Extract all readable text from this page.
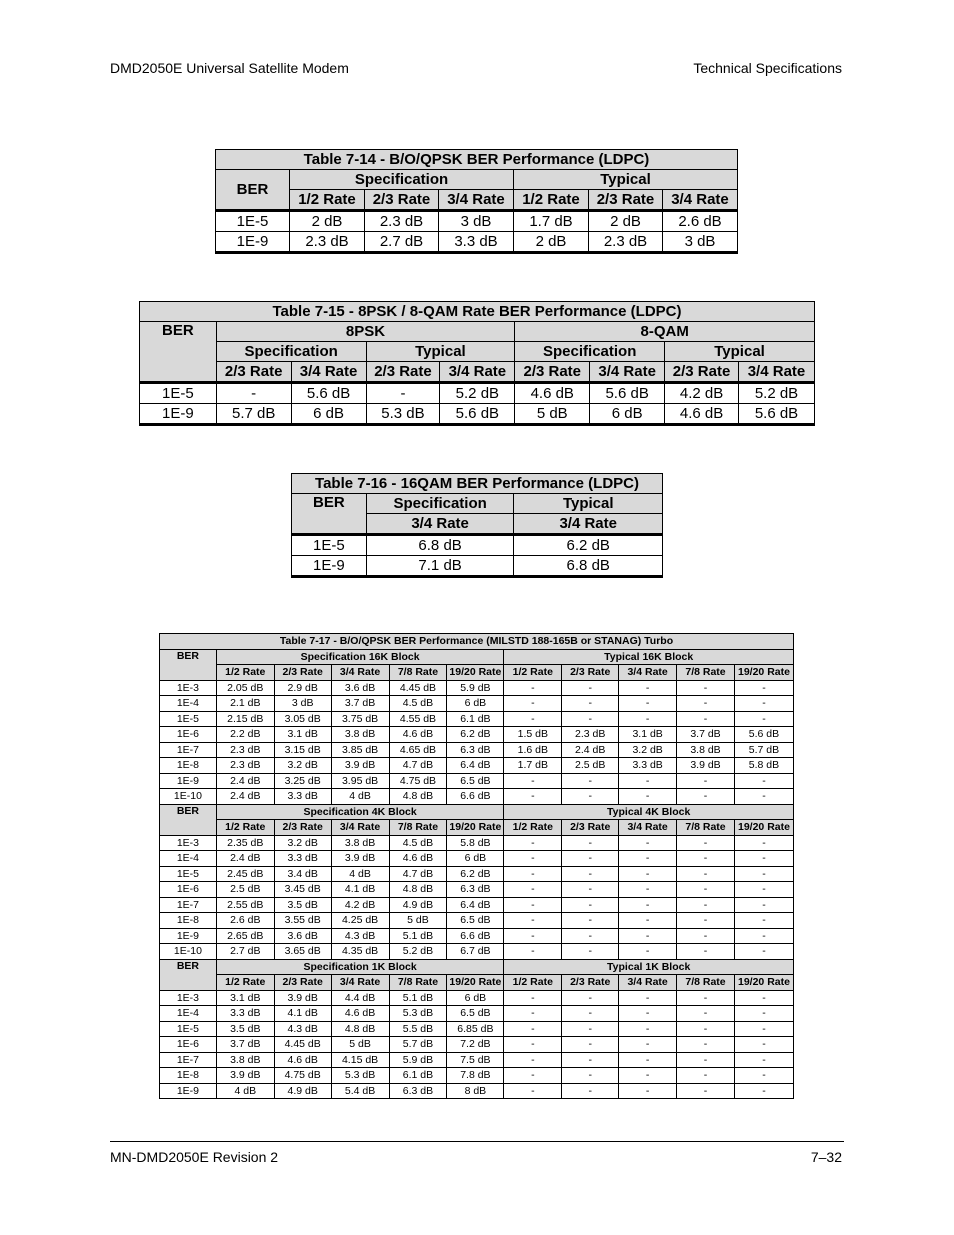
DMD2050E Universal Satellite Modem	Technical Specifications
Table 7-14 - B/O/QPSK BER Performance (LDPC)						
BER	Specification			Typical		
	1/2 Rate	2/3 Rate	3/4 Rate	1/2 Rate	2/3 Rate	3/4 Rate
1E-5	2 dB	2.3 dB	3 dB	1.7 dB	2 dB	2.6 dB
1E-9	2.3 dB	2.7 dB	3.3 dB	2 dB	2.3 dB	3 dB
Table 7-15 - 8PSK / 8-QAM Rate BER Performance (LDPC)								
BER	8PSK				8-QAM			
	Specification		Typical		Specification		Typical	
	2/3 Rate	3/4 Rate	2/3 Rate	3/4 Rate	2/3 Rate	3/4 Rate	2/3 Rate	3/4 Rate
1E-5	-	5.6 dB	-	5.2 dB	4.6 dB	5.6 dB	4.2 dB	5.2 dB
1E-9	5.7 dB	6 dB	5.3 dB	5.6 dB	5 dB	6 dB	4.6 dB	5.6 dB
Table 7-16 - 16QAM BER Performance (LDPC)		
BER	Specification	Typical
	3/4 Rate	3/4 Rate
1E-5	6.8 dB	6.2 dB
1E-9	7.1 dB	6.8 dB
Table 7-17 - B/O/QPSK BER Performance (MILSTD 188-165B or STANAG) Turbo										
BER	Specification 16K Block					Typical 16K Block				
	1/2 Rate	2/3 Rate	3/4 Rate	7/8 Rate	19/20 Rate	1/2 Rate	2/3 Rate	3/4 Rate	7/8 Rate	19/20 Rate
1E-3	2.05 dB	2.9 dB	3.6 dB	4.45 dB	5.9 dB	-	-	-	-	-
1E-4	2.1 dB	3 dB	3.7 dB	4.5 dB	6 dB	-	-	-	-	-
1E-5	2.15 dB	3.05 dB	3.75 dB	4.55 dB	6.1 dB	-	-	-	-	-
1E-6	2.2 dB	3.1 dB	3.8 dB	4.6 dB	6.2 dB	1.5 dB	2.3 dB	3.1 dB	3.7 dB	5.6 dB
1E-7	2.3 dB	3.15 dB	3.85 dB	4.65 dB	6.3 dB	1.6 dB	2.4 dB	3.2 dB	3.8 dB	5.7 dB
1E-8	2.3 dB	3.2 dB	3.9 dB	4.7 dB	6.4 dB	1.7 dB	2.5 dB	3.3 dB	3.9 dB	5.8 dB
1E-9	2.4 dB	3.25 dB	3.95 dB	4.75 dB	6.5 dB	-	-	-	-	-
1E-10	2.4 dB	3.3 dB	4 dB	4.8 dB	6.6 dB	-	-	-	-	-
BER	Specification 4K Block					Typical 4K Block				
	1/2 Rate	2/3 Rate	3/4 Rate	7/8 Rate	19/20 Rate	1/2 Rate	2/3 Rate	3/4 Rate	7/8 Rate	19/20 Rate
1E-3	2.35 dB	3.2 dB	3.8 dB	4.5 dB	5.8 dB	-	-	-	-	-
1E-4	2.4 dB	3.3 dB	3.9 dB	4.6 dB	6 dB	-	-	-	-	-
1E-5	2.45 dB	3.4 dB	4 dB	4.7 dB	6.2 dB	-	-	-	-	-
1E-6	2.5 dB	3.45 dB	4.1 dB	4.8 dB	6.3 dB	-	-	-	-	-
1E-7	2.55 dB	3.5 dB	4.2 dB	4.9 dB	6.4 dB	-	-	-	-	-
1E-8	2.6 dB	3.55 dB	4.25 dB	5 dB	6.5 dB	-	-	-	-	-
1E-9	2.65 dB	3.6 dB	4.3 dB	5.1 dB	6.6 dB	-	-	-	-	-
1E-10	2.7 dB	3.65 dB	4.35 dB	5.2 dB	6.7 dB	-	-	-	-	-
BER	Specification 1K Block					Typical 1K Block				
	1/2 Rate	2/3 Rate	3/4 Rate	7/8 Rate	19/20 Rate	1/2 Rate	2/3 Rate	3/4 Rate	7/8 Rate	19/20 Rate
1E-3	3.1 dB	3.9 dB	4.4 dB	5.1 dB	6 dB	-	-	-	-	-
1E-4	3.3 dB	4.1 dB	4.6 dB	5.3 dB	6.5 dB	-	-	-	-	-
1E-5	3.5 dB	4.3 dB	4.8 dB	5.5 dB	6.85 dB	-	-	-	-	-
1E-6	3.7 dB	4.45 dB	5 dB	5.7 dB	7.2 dB	-	-	-	-	-
1E-7	3.8 dB	4.6 dB	4.15 dB	5.9 dB	7.5 dB	-	-	-	-	-
1E-8	3.9 dB	4.75 dB	5.3 dB	6.1 dB	7.8 dB	-	-	-	-	-
1E-9	4 dB	4.9 dB	5.4 dB	6.3 dB	8 dB	-	-	-	-	-
MN-DMD2050E Revision 2	7–32
